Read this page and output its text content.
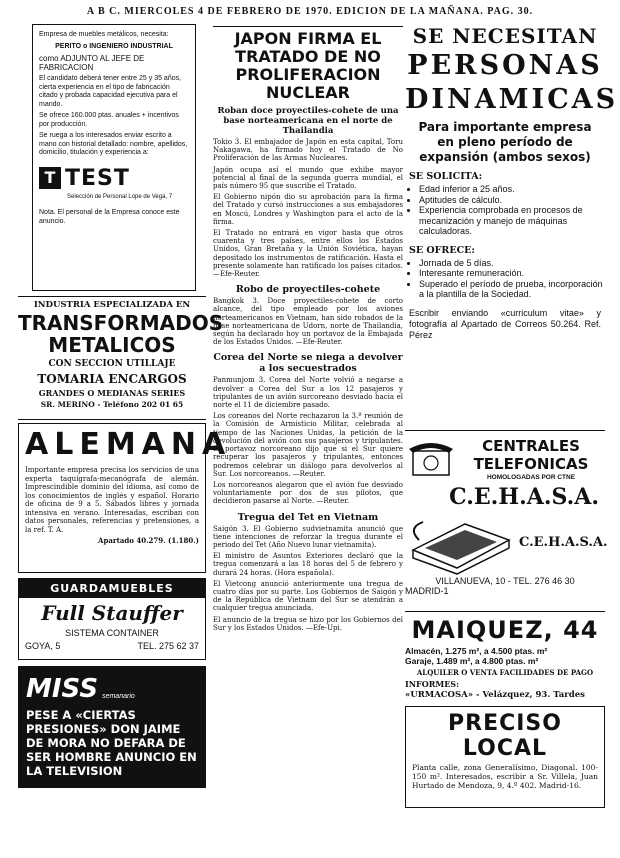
A B C. MIERCOLES 4 DE FEBRERO DE 1970. EDICION DE LA MAÑANA. PAG. 30.

Empresa de muebles metálicos, necesita:

PERITO o INGENIERO INDUSTRIAL

como ADJUNTO AL JEFE DE FABRICACION

El candidato deberá tener entre 25 y 35 años, cierta experiencia en el tipo de fabricación citado y probada capacidad ejecutiva para el mando.

Se ofrece 160.000 ptas. anuales + incentivos por producción.

Se ruega a los interesados enviar escrito a mano con historial detallado: nombre, apellidos, domicilio, titulación y experiencia a:

T TEST

Selección de Personal Lope de Vega, 7

Nota. El personal de la Empresa conoce este anuncio.

INDUSTRIA ESPECIALIZADA EN

TRANSFORMADOS

METALICOS

CON SECCION UTILLAJE

TOMARIA ENCARGOS

GRANDES O MEDIANAS SERIES

SR. MERINO - Teléfono 202 01 65

ALEMANA

Importante empresa precisa los servicios de una experta taquígrafa-mecanógrafa de alemán. Imprescindible dominio del idioma, así como de los conocimientos de inglés y español. Horario de oficina de 9 a 5. Sábados libres y jornada intensiva en verano. Interesadas, escriban con datos personales, referencias y pretensiones, a la ref. T. A.

Apartado 40.279. (1.180.)

GUARDAMUEBLES
Full Stauffer
SISTEMA CONTAINER
GOYA, 5	TEL. 275 62 37
MISS semanario

PESE A «CIERTAS PRESIONES» DON JAIME DE MORA NO DEFARA DE SER HOMBRE ANUNCIO EN LA TELEVISION

JAPON FIRMA EL TRATADO DE NO PROLIFERACION NUCLEAR

Roban doce proyectiles-cohete de una base norteamericana en el norte de Thailandia

Tokio 3. El embajador de Japón en esta capital, Toru Nakagawa, ha firmado hoy el Tratado de No Proliferación de las Armas Nucleares.

Japón ocupa así el mundo que exhibe mayor potencial al final de la segunda guerra mundial, el país número 95 que suscribe el Tratado.

El Gobierno nipón dio su aprobación para la firma del Tratado y cursó instrucciones a sus embajadores en Moscú, Londres y Washington para el acto de la firma.

El Tratado no entrará en vigor hasta que otros cuarenta y tres países, entre ellos los Estados Unidos, Gran Bretaña y la Unión Soviética, hayan depositado los instrumentos de ratificación. Hasta el presente solamente han ratificado los países citados. —Efe-Reuter.

Robo de proyectiles-cohete

Bangkok 3. Doce proyectiles-cohete de corto alcance, del tipo empleado por los aviones norteamericanos en Vietnam, han sido robados de la base norteamericana de Udorn, norte de Thailandia, según ha declarado hoy un portavoz de la Embajada de los Estados Unidos. —Efe-Reuter.

Corea del Norte se niega a devolver a los secuestrados

Panmunjom 3. Corea del Norte volvió a negarse a devolver a Corea del Sur a los 12 pasajeros y tripulantes de un avión surcoreano desviado hacia el norte el 11 de diciembre pasado.

Los coreanos del Norte rechazaron la 3.ª reunión de la Comisión de Armisticio Militar, celebrada al tiempo de las Naciones Unidas, la petición de la devolución del avión con sus pasajeros y tripulantes. El portavoz norcoreano dijo que si el Sur quiere recuperar los pasajeros y tripulantes, entonces podremos celebrar un diálogo para devolverlos al Sur. Los norcoreanos. —Reuter.

Los norcoreanos alegaron que el avión fue desviado voluntariamente por dos de sus pilotos, que decidieron pasarse al Norte. —Reuter.

Tregua del Tet en Vietnam

Saigón 3. El Gobierno sudvietnamita anunció que tiene intenciones de reforzar la tregua durante el periodo del Tet (Año Nuevo lunar vietnamita).

El ministro de Asuntos Exteriores declaró que la tregua comenzará a las 18 horas del 5 de febrero y durará 24 horas. (Hora española).

El Vietcong anunció anteriormente una tregua de cuatro días por su parte. Los Gobiernos de Saigón y de la República de Vietnam del Sur se atendrán a cualquier tregua anunciada.

El anuncio de la tregua se hizo por los Gobiernos del Sur y los Estados Unidos. —Efe-Upi.

SE NECESITAN

PERSONAS

DINAMICAS

Para importante empresa en pleno período de expansión (ambos sexos)

SE SOLICITA:

• Edad inferior a 25 años.
• Aptitudes de cálculo.
• Experiencia comprobada en procesos de mecanización y manejo de máquinas calculadoras.

SE OFRECE:

• Jornada de 5 días.
• Interesante remuneración.
• Superado el período de prueba, incorporación a la plantilla de la Sociedad.

Escribir enviando «curriculum vitae» y fotografía al Apartado de Correos 50.264. Ref. Pérez

CENTRALES

TELEFONICAS

HOMOLOGADAS POR CTNE

C.E.H.A.S.A.

C.E.H.A.S.A.

VILLANUEVA, 10 - TEL. 276 46 30

MADRID-1

MAIQUEZ, 44

Almacén, 1.275 m², a 4.500 ptas. m²

Garaje, 1.489 m², a 4.800 ptas. m²

ALQUILER O VENTA FACILIDADES DE PAGO

INFORMES:

«URMACOSA» - Velázquez, 93. Tardes

PRECISO LOCAL

Planta calle, zona Generalísimo, Diagonal. 100-150 m². Interesados, escribir a Sr. Villela, Juan Hurtado de Mendoza, 9, 4.º 402. Madrid-16.
